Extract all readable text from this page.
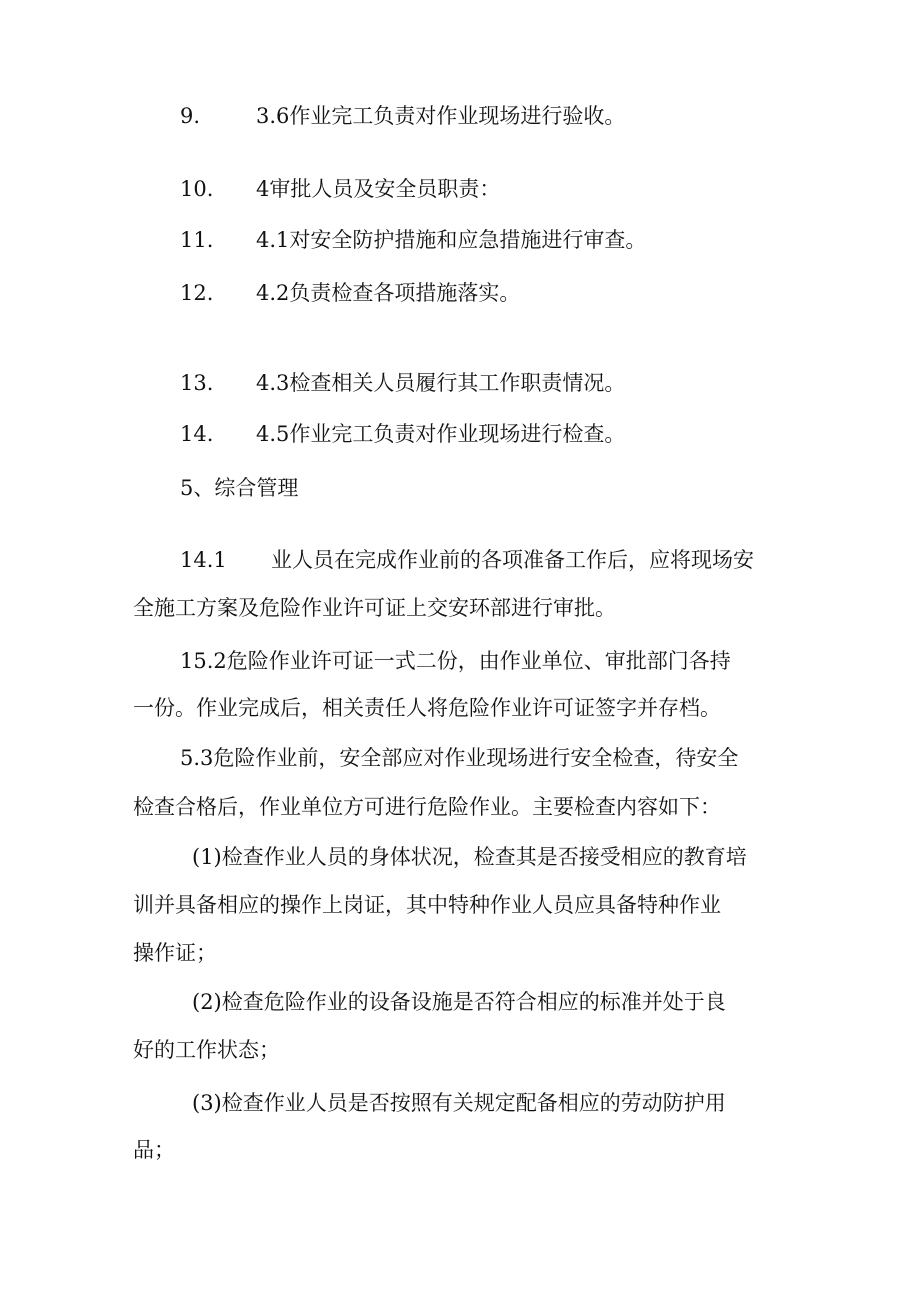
9.	3.6作业完工负责对作业现场进行验收。
10. 4审批人员及安全员职责：
11. 4.1对安全防护措施和应急措施进行审查。
12. 4.2负责检查各项措施落实。
13. 4.3检查相关人员履行其工作职责情况。
14. 4.5作业完工负责对作业现场进行检查。
5、综合管理
14.1 业人员在完成作业前的各项准备工作后，应将现场安
全施工方案及危险作业许可证上交安环部进行审批。
15.2危险作业许可证一式二份，由作业单位、审批部门各持
一份。作业完成后，相关责任人将危险作业许可证签字并存档。
5.3危险作业前，安全部应对作业现场进行安全检查，待安全
检查合格后，作业单位方可进行危险作业。主要检查内容如下：
(1)检查作业人员的身体状况，检查其是否接受相应的教育培
训并具备相应的操作上岗证，其中特种作业人员应具备特种作业
操作证；
(2)检查危险作业的设备设施是否符合相应的标准并处于良
好的工作状态；
(3)检查作业人员是否按照有关规定配备相应的劳动防护用
品；
